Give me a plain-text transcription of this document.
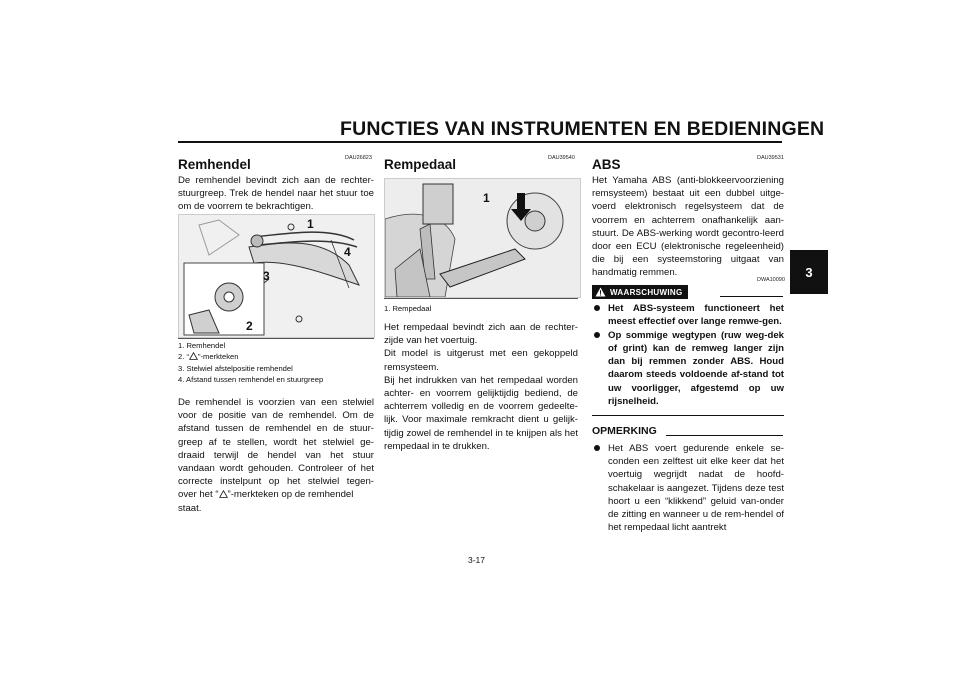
FUNCTIES VAN INSTRUMENTEN EN BEDIENINGEN
3
DAU26823
Remhendel

De remhendel bevindt zich aan de rechter-stuurgreep. Trek de hendel naar het stuur toe om de voorrem te bekrachtigen.

1
4
3
2
1. Remhendel
2. “ ”-merkteken
3. Stelwiel afstelpositie remhendel
4. Afstand tussen remhendel en stuurgreep
De remhendel is voorzien van een stelwiel
voor de positie van de remhendel. Om de
afstand tussen de remhendel en de stuur-
greep af te stellen, wordt het stelwiel ge-
draaid terwijl de hendel van het stuur
vandaan wordt gehouden. Controleer of het
correcte instelpunt op het stelwiel tegen-
over het “ ”-merkteken op de remhendel
staat.
DAU39540
Rempedaal
1
1. Rempedaal
Het rempedaal bevindt zich aan de rechter-zijde van het voertuig.
Dit model is uitgerust met een gekoppeld remsysteem.
Bij het indrukken van het rempedaal worden achter- en voorrem gelijktijdig bediend, de achterrem volledig en de voorrem gedeelte-lijk. Voor maximale remkracht dient u gelijk-tijdig zowel de remhendel in te knijpen als het rempedaal in te drukken.
DAU39531
ABS

Het Yamaha ABS (anti-blokkeervoorziening remsysteem) bestaat uit een dubbel uitge-voerd elektronisch regelsysteem dat de voorrem en achterrem onafhankelijk aan-stuurt. De ABS-werking wordt gecontro-leerd door een ECU (elektronische regeleenheid) die bij een systeemstoring uitgaat van handmatig remmen.

DWA10090
WAARSCHUWING
Het ABS-systeem functioneert het meest effectief over lange remwe-gen.
Op sommige wegtypen (ruw weg-dek of grint) kan de remweg langer zijn dan bij remmen zonder ABS. Houd daarom steeds voldoende af-stand tot uw voorligger, afgestemd op uw rijsnelheid.
OPMERKING
Het ABS voert gedurende enkele se-conden een zelftest uit elke keer dat het voertuig wegrijdt nadat de hoofd-schakelaar is aangezet. Tijdens deze test hoort u een “klikkend” geluid van-onder de zitting en wanneer u de rem-hendel of het rempedaal licht aantrekt
3-17
